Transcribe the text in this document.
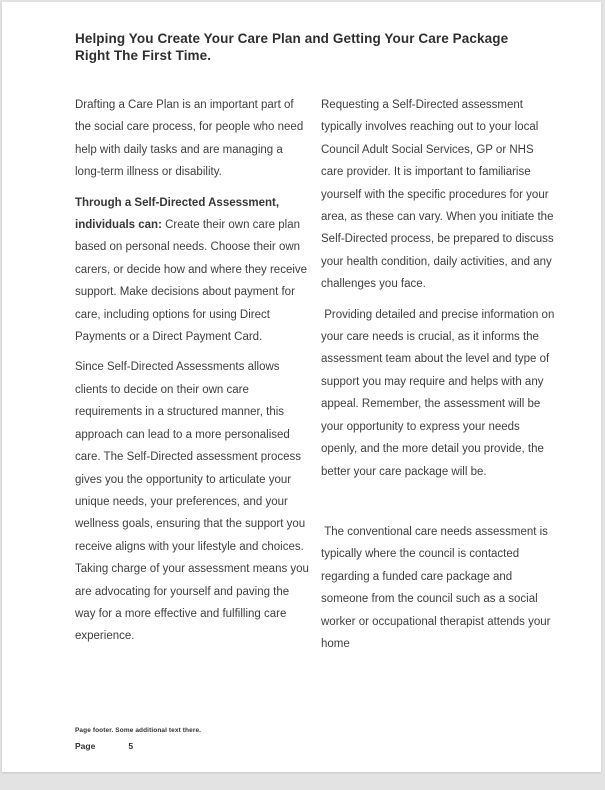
Helping You Create Your Care Plan and Getting Your Care Package Right The First Time.

Drafting a Care Plan is an important part of the social care process, for people who need help with daily tasks and are managing a long-term illness or disability.

Through a Self-Directed Assessment, individuals can: Create their own care plan based on personal needs. Choose their own carers, or decide how and where they receive support. Make decisions about payment for care, including options for using Direct Payments or a Direct Payment Card.

Since Self-Directed Assessments allows clients to decide on their own care requirements in a structured manner, this approach can lead to a more personalised care. The Self-Directed assessment process gives you the opportunity to articulate your unique needs, your preferences, and your wellness goals, ensuring that the support you receive aligns with your lifestyle and choices. Taking charge of your assessment means you are advocating for yourself and paving the way for a more effective and fulfilling care experience.

Requesting a Self-Directed assessment typically involves reaching out to your local Council Adult Social Services, GP or NHS care provider. It is important to familiarise yourself with the specific procedures for your area, as these can vary. When you initiate the Self-Directed process, be prepared to discuss your health condition, daily activities, and any challenges you face.

Providing detailed and precise information on your care needs is crucial, as it informs the assessment team about the level and type of support you may require and helps with any appeal. Remember, the assessment will be your opportunity to express your needs openly, and the more detail you provide, the better your care package will be.

The conventional care needs assessment is typically where the council is contacted regarding a funded care package and someone from the council such as a social worker or occupational therapist attends your home

Page footer. Some additional text there.
Page	5
